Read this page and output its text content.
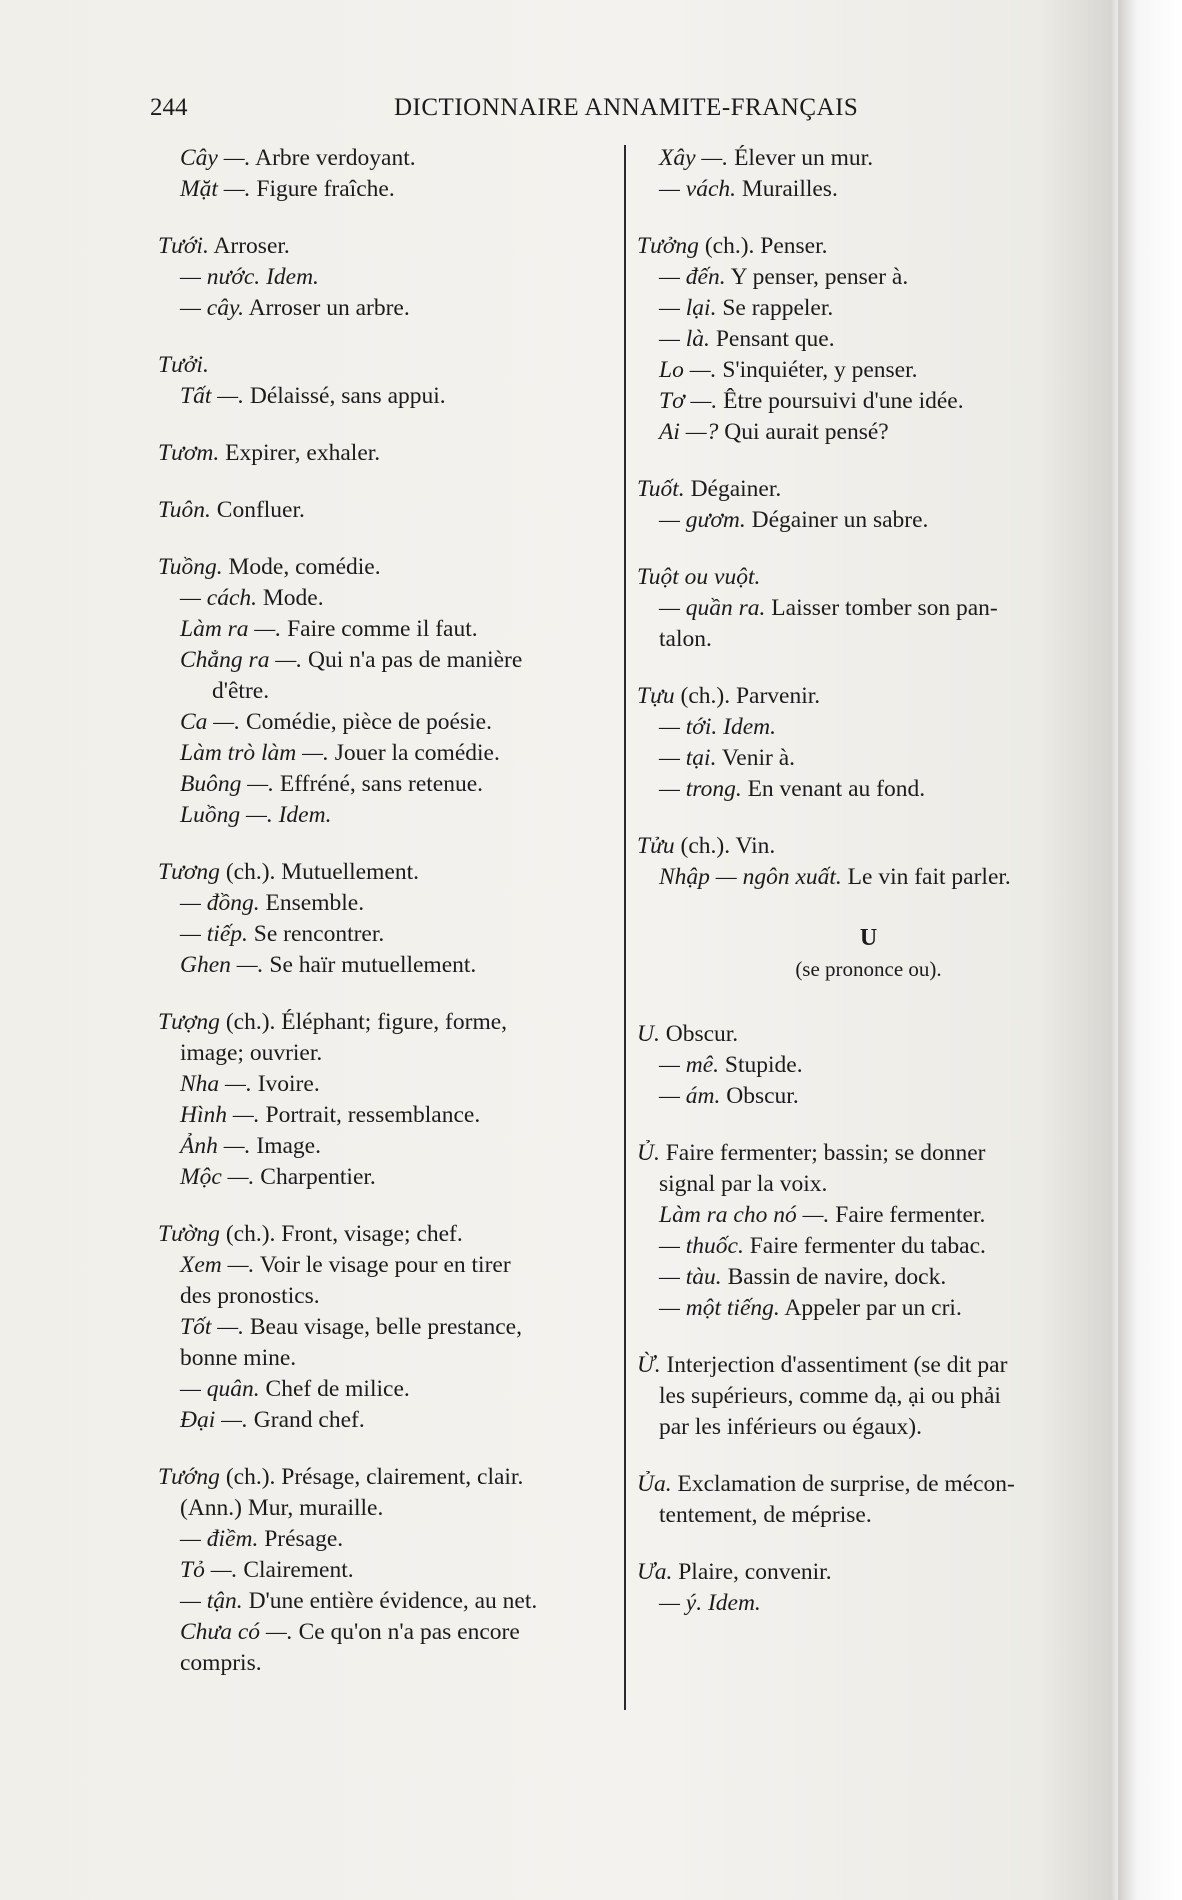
244	DICTIONNAIRE ANNAMITE-FRANÇAIS
Cây —. Arbre verdoyant.
Mặt —. Figure fraîche.
Tưới. Arroser.
— nước. Idem.
— cây. Arroser un arbre.
Tưởi.
Tất —. Délaissé, sans appui.
Tươm. Expirer, exhaler.
Tuôn. Confluer.
Tuồng. Mode, comédie.
— cách. Mode.
Làm ra —. Faire comme il faut.
Chẳng ra —. Qui n'a pas de manière
d'être.
Ca —. Comédie, pièce de poésie.
Làm trò làm —. Jouer la comédie.
Buông —. Effréné, sans retenue.
Luồng —. Idem.
Tương (ch.). Mutuellement.
— đồng. Ensemble.
— tiếp. Se rencontrer.
Ghen —. Se haïr mutuellement.
Tượng (ch.). Éléphant; figure, forme,
image; ouvrier.
Nha —. Ivoire.
Hình —. Portrait, ressemblance.
Ảnh —. Image.
Mộc —. Charpentier.
Tường (ch.). Front, visage; chef.
Xem —. Voir le visage pour en tirer
des pronostics.
Tốt —. Beau visage, belle prestance,
bonne mine.
— quân. Chef de milice.
Đại —. Grand chef.
Tướng (ch.). Présage, clairement, clair.
(Ann.) Mur, muraille.
— điềm. Présage.
Tỏ —. Clairement.
— tận. D'une entière évidence, au net.
Chưa có —. Ce qu'on n'a pas encore
compris.
Xây —. Élever un mur.
— vách. Murailles.
Tưởng (ch.). Penser.
— đến. Y penser, penser à.
— lại. Se rappeler.
— là. Pensant que.
Lo —. S'inquiéter, y penser.
Tơ —. Être poursuivi d'une idée.
Ai —? Qui aurait pensé?
Tuốt. Dégainer.
— gươm. Dégainer un sabre.
Tuột ou vuột.
— quần ra. Laisser tomber son pan-
talon.
Tựu (ch.). Parvenir.
— tới. Idem.
— tại. Venir à.
— trong. En venant au fond.
Tửu (ch.). Vin.
Nhập — ngôn xuất. Le vin fait parler.
U
(se prononce ou).
U. Obscur.
— mê. Stupide.
— ám. Obscur.
Ủ. Faire fermenter; bassin; se donner
signal par la voix.
Làm ra cho nó —. Faire fermenter.
— thuốc. Faire fermenter du tabac.
— tàu. Bassin de navire, dock.
— một tiếng. Appeler par un cri.
Ừ. Interjection d'assentiment (se dit par
les supérieurs, comme dạ, ại ou phải
par les inférieurs ou égaux).
Ủa. Exclamation de surprise, de mécon-
tentement, de méprise.
Ưa. Plaire, convenir.
— ý. Idem.
